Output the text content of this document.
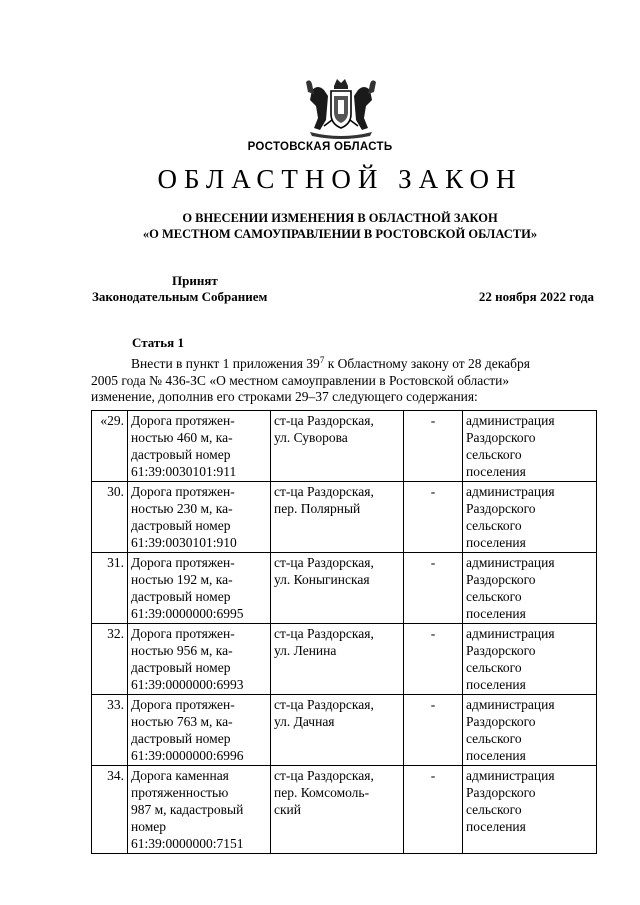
РОСТОВСКАЯ ОБЛАСТЬ
ОБЛАСТНОЙ ЗАКОН
О ВНЕСЕНИИ ИЗМЕНЕНИЯ В ОБЛАСТНОЙ ЗАКОН
«О МЕСТНОМ САМОУПРАВЛЕНИИ В РОСТОВСКОЙ ОБЛАСТИ»
Принят
Законодательным Собранием	22 ноября 2022 года
Статья 1

Внести в пункт 1 приложения $39^7$ к Областному закону от 28 декабря

2005 года № 436-ЗС «О местном самоуправлении в Ростовской области»

изменение, дополнив его строками 29–37 следующего содержания:

«29.	Дорога протяжен-
ностью 460 м, ка-
дастровый номер
61:39:0030101:911	ст-ца Раздорская,
ул. Суворова	-	администрация
Раздорского
сельского
поселения

30.	Дорога протяжен-
ностью 230 м, ка-
дастровый номер
61:39:0030101:910	ст-ца Раздорская,
пер. Полярный	-	администрация
Раздорского
сельского
поселения

31.	Дорога протяжен-
ностью 192 м, ка-
дастровый номер
61:39:0000000:6995	ст-ца Раздорская,
ул. Коныгинская	-	администрация
Раздорского
сельского
поселения

32.	Дорога протяжен-
ностью 956 м, ка-
дастровый номер
61:39:0000000:6993	ст-ца Раздорская,
ул. Ленина	-	администрация
Раздорского
сельского
поселения

33.	Дорога протяжен-
ностью 763 м, ка-
дастровый номер
61:39:0000000:6996	ст-ца Раздорская,
ул. Дачная	-	администрация
Раздорского
сельского
поселения

34.	Дорога каменная
протяженностью
987 м, кадастровый
номер
61:39:0000000:7151	ст-ца Раздорская,
пер. Комсомоль-
ский	-	администрация
Раздорского
сельского
поселения
